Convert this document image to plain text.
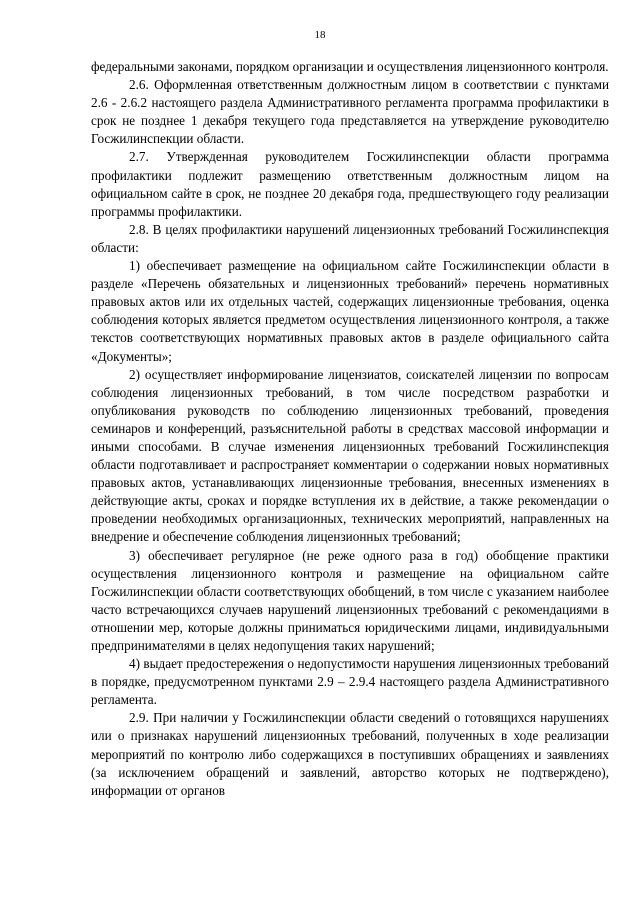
18

федеральными законами, порядком организации и осуществления лицензионного контроля.

2.6. Оформленная ответственным должностным лицом в соответствии с пунктами 2.6 - 2.6.2 настоящего раздела Административного регламента программа профилактики в срок не позднее 1 декабря текущего года представляется на утверждение руководителю Госжилинспекции области.

2.7. Утвержденная руководителем Госжилинспекции области программа профилактики подлежит размещению ответственным должностным лицом на официальном сайте в срок, не позднее 20 декабря года, предшествующего году реализации программы профилактики.

2.8. В целях профилактики нарушений лицензионных требований Госжилинспекция области:

1) обеспечивает размещение на официальном сайте Госжилинспекции области в разделе «Перечень обязательных и лицензионных требований» перечень нормативных правовых актов или их отдельных частей, содержащих лицензионные требования, оценка соблюдения которых является предметом осуществления лицензионного контроля, а также текстов соответствующих нормативных правовых актов в разделе официального сайта «Документы»;

2) осуществляет информирование лицензиатов, соискателей лицензии по вопросам соблюдения лицензионных требований, в том числе посредством разработки и опубликования руководств по соблюдению лицензионных требований, проведения семинаров и конференций, разъяснительной работы в средствах массовой информации и иными способами. В случае изменения лицензионных требований Госжилинспекция области подготавливает и распространяет комментарии о содержании новых нормативных правовых актов, устанавливающих лицензионные требования, внесенных изменениях в действующие акты, сроках и порядке вступления их в действие, а также рекомендации о проведении необходимых организационных, технических мероприятий, направленных на внедрение и обеспечение соблюдения лицензионных требований;

3) обеспечивает регулярное (не реже одного раза в год) обобщение практики осуществления лицензионного контроля и размещение на официальном сайте Госжилинспекции области соответствующих обобщений, в том числе с указанием наиболее часто встречающихся случаев нарушений лицензионных требований с рекомендациями в отношении мер, которые должны приниматься юридическими лицами, индивидуальными предпринимателями в целях недопущения таких нарушений;

4) выдает предостережения о недопустимости нарушения лицензионных требований в порядке, предусмотренном пунктами 2.9 – 2.9.4 настоящего раздела Административного регламента.

2.9. При наличии у Госжилинспекции области сведений о готовящихся нарушениях или о признаках нарушений лицензионных требований, полученных в ходе реализации мероприятий по контролю либо содержащихся в поступивших обращениях и заявлениях (за исключением обращений и заявлений, авторство которых не подтверждено), информации от органов
